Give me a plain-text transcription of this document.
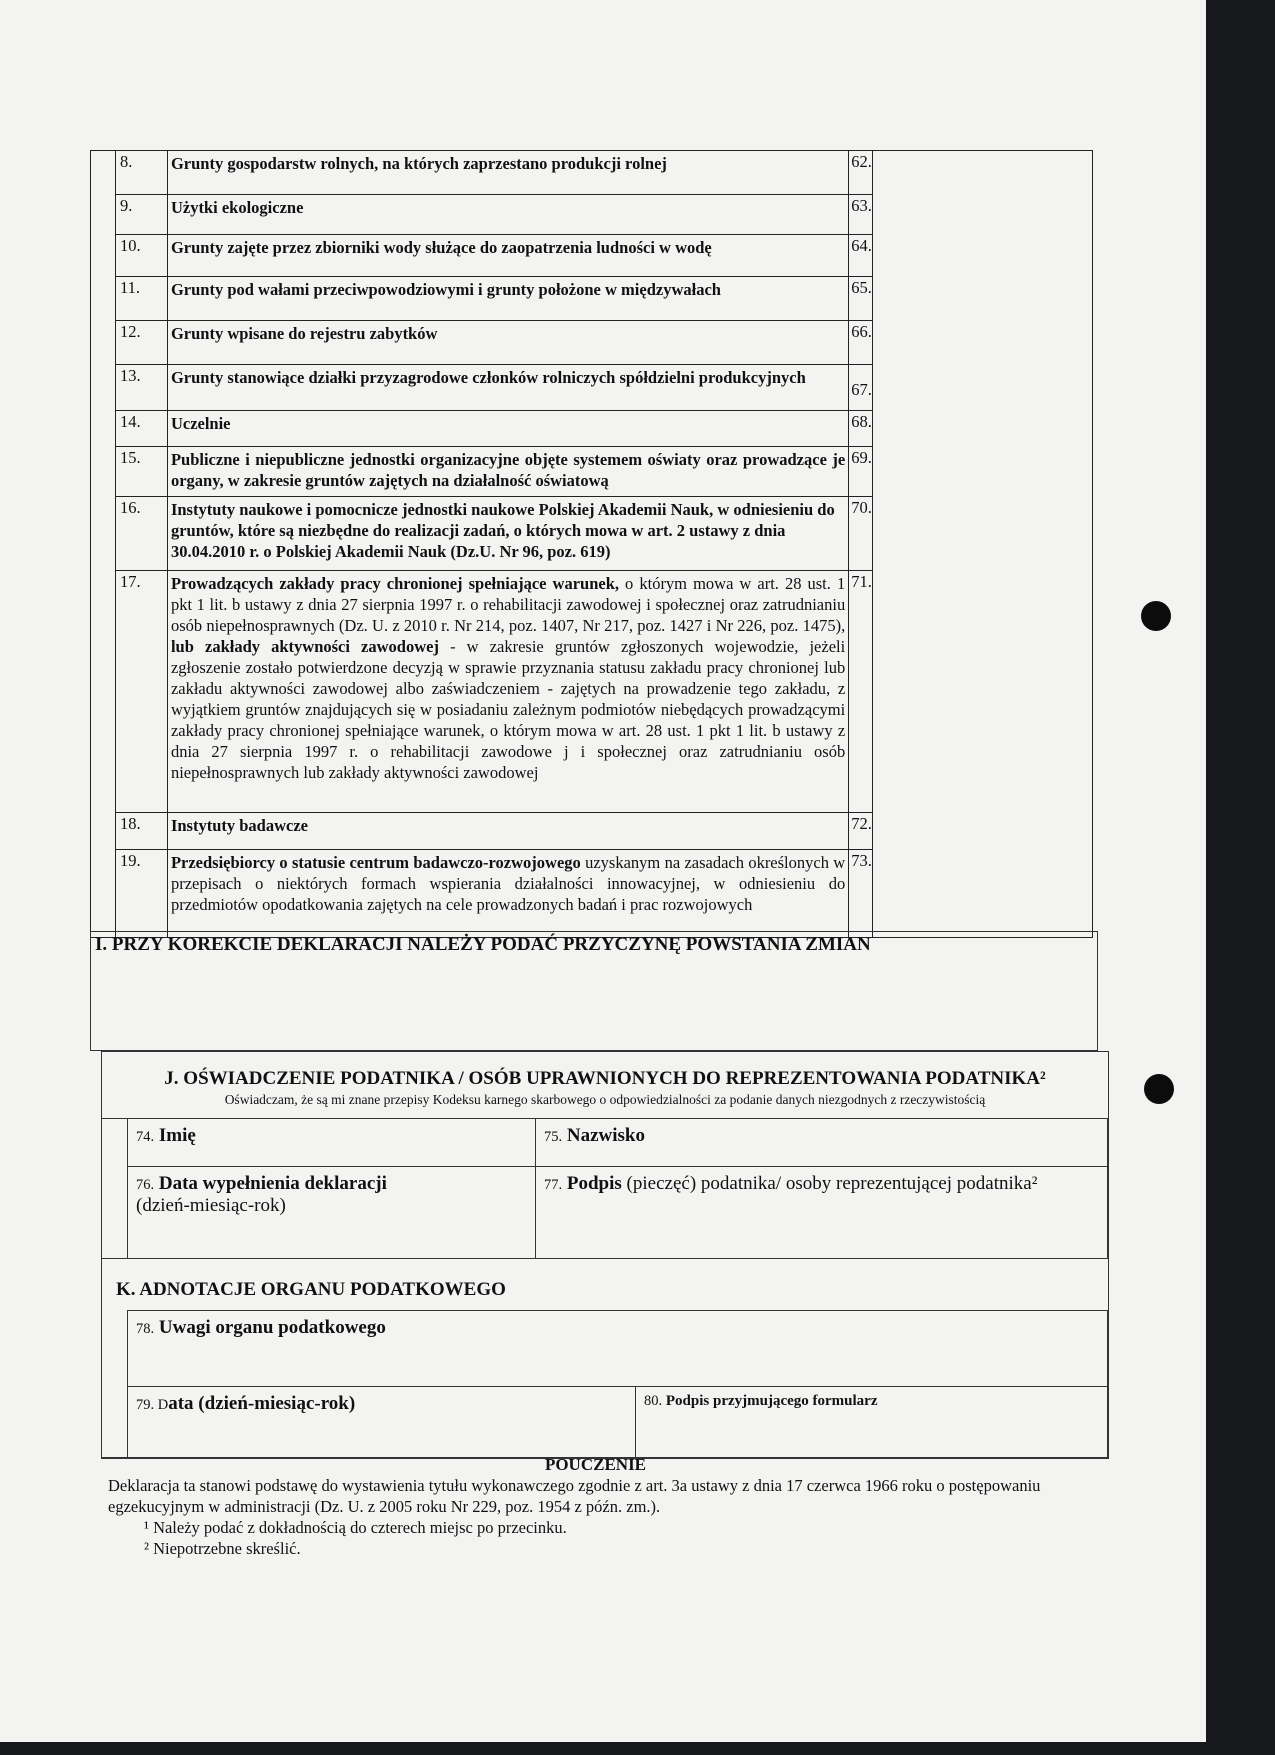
	8.	Grunty gospodarstw rolnych, na których zaprzestano produkcji rolnej	62.	
	9.	Użytki ekologiczne	63.	
	10.	Grunty zajęte przez zbiorniki wody służące do zaopatrzenia ludności w wodę	64.	
	11.	Grunty pod wałami przeciwpowodziowymi i grunty położone w międzywałach	65.	
	12.	Grunty wpisane do rejestru zabytków	66.	
	13.	Grunty stanowiące działki przyzagrodowe członków rolniczych spółdzielni produkcyjnych	67.	
	14.	Uczelnie	68.	
	15.	Publiczne i niepubliczne jednostki organizacyjne objęte systemem oświaty oraz prowadzące je organy, w zakresie gruntów zajętych na działalność oświatową	69.	
	16.	Instytuty naukowe i pomocnicze jednostki naukowe Polskiej Akademii Nauk, w odniesieniu do gruntów, które są niezbędne do realizacji zadań, o których mowa w art. 2 ustawy z dnia 30.04.2010 r. o Polskiej Akademii Nauk (Dz.U. Nr 96, poz. 619)	70.	
	17.	Prowadzących zakłady pracy chronionej spełniające warunek, o którym mowa w art. 28 ust. 1 pkt 1 lit. b ustawy z dnia 27 sierpnia 1997 r. o rehabilitacji zawodowej i społecznej oraz zatrudnianiu osób niepełnosprawnych (Dz. U. z 2010 r. Nr 214, poz. 1407, Nr 217, poz. 1427 i Nr 226, poz. 1475), lub zakłady aktywności zawodowej - w zakresie gruntów zgłoszonych wojewodzie, jeżeli zgłoszenie zostało potwierdzone decyzją w sprawie przyznania statusu zakładu pracy chronionej lub zakładu aktywności zawodowej albo zaświadczeniem - zajętych na prowadzenie tego zakładu, z wyjątkiem gruntów znajdujących się w posiadaniu zależnym podmiotów niebędących prowadzącymi zakłady pracy chronionej spełniające warunek, o którym mowa w art. 28 ust. 1 pkt 1 lit. b ustawy z dnia 27 sierpnia 1997 r. o rehabilitacji zawodowe j i społecznej oraz zatrudnianiu osób niepełnosprawnych lub zakłady aktywności zawodowej	71.	
	18.	Instytuty badawcze	72.	
	19.	Przedsiębiorcy o statusie centrum badawczo-rozwojowego uzyskanym na zasadach określonych w przepisach o niektórych formach wspierania działalności innowacyjnej, w odniesieniu do przedmiotów opodatkowania zajętych na cele prowadzonych badań i prac rozwojowych	73.	
I. PRZY KOREKCIE DEKLARACJI NALEŻY PODAĆ PRZYCZYNĘ POWSTANIA ZMIAN
J. OŚWIADCZENIE PODATNIKA / OSÓB UPRAWNIONYCH DO REPREZENTOWANIA PODATNIKA²
Oświadczam, że są mi znane przepisy Kodeksu karnego skarbowego o odpowiedzialności za podanie danych niezgodnych z rzeczywistością
74. Imię	75. Nazwisko
76. Data wypełnienia deklaracji
(dzień-miesiąc-rok)
77. Podpis (pieczęć) podatnika/ osoby reprezentującej podatnika²
K. ADNOTACJE ORGANU PODATKOWEGO
78. Uwagi organu podatkowego
79. Data (dzień-miesiąc-rok)	80. Podpis przyjmującego formularz
POUCZENIE
Deklaracja ta stanowi podstawę do wystawienia tytułu wykonawczego zgodnie z art. 3a ustawy z dnia 17 czerwca 1966 roku o postępowaniu egzekucyjnym w administracji (Dz. U. z 2005 roku Nr 229, poz. 1954 z późn. zm.).
¹ Należy podać z dokładnością do czterech miejsc po przecinku.
² Niepotrzebne skreślić.
